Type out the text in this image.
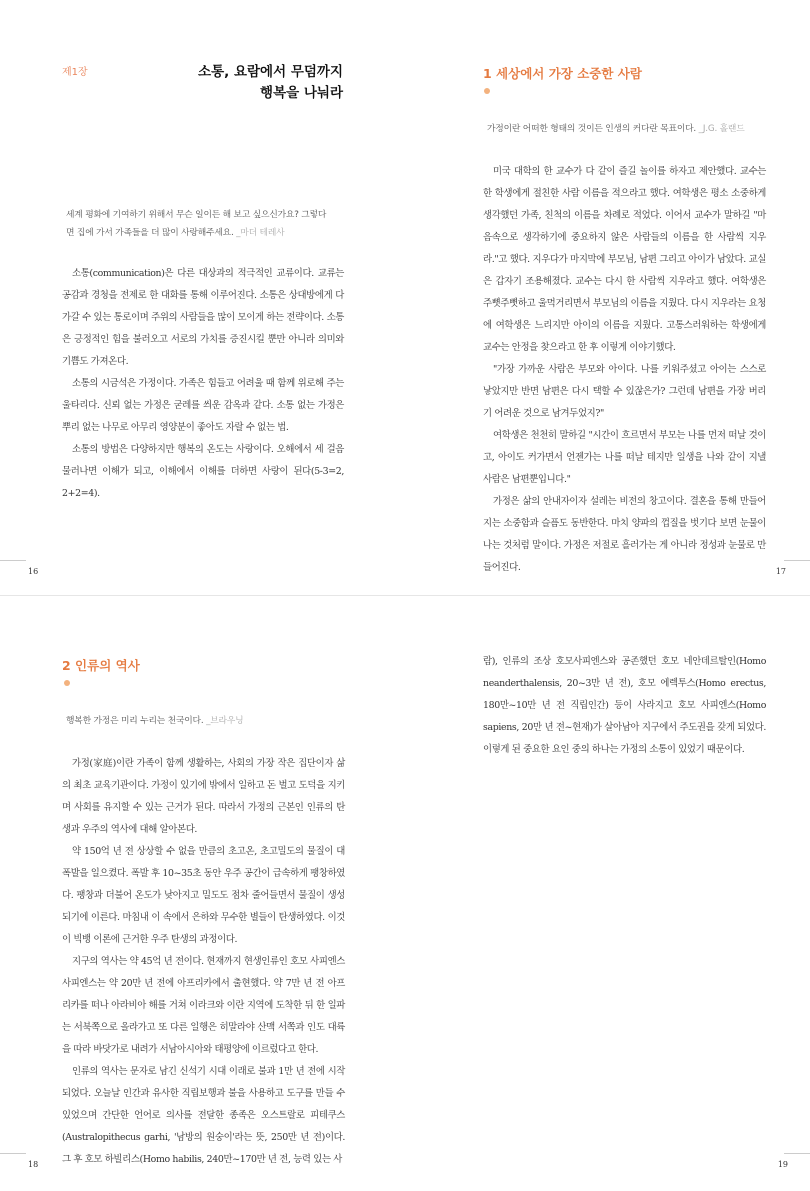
제1장	소통, 요람에서 무덤까지
행복을 나눠라
세계 평화에 기여하기 위해서 무슨 일이든 해 보고 싶으신가요? 그렇다
면 집에 가서 가족들을 더 많이 사랑해주세요. _마더 테레사

소통(communication)은 다른 대상과의 적극적인 교류이다. 교류는 공감과 경청을 전제로 한 대화를 통해 이루어진다. 소통은 상대방에게 다가갈 수 있는 통로이며 주위의 사람들을 많이 모이게 하는 전략이다. 소통은 긍정적인 힘을 불러오고 서로의 가치를 증진시킬 뿐만 아니라 의미와 기쁨도 가져온다.

소통의 시금석은 가정이다. 가족은 힘들고 어려울 때 함께 위로해 주는 울타리다. 신뢰 없는 가정은 굳레를 씌운 감옥과 같다. 소통 없는 가정은 뿌리 없는 나무로 아무리 영양분이 좋아도 자랄 수 없는 법.

소통의 방법은 다양하지만 행복의 온도는 사랑이다. 오해에서 세 걸음 물러나면 이해가 되고, 이해에서 이해를 더하면 사랑이 된다(5-3=2, 2+2=4).

16
1 세상에서 가장 소중한 사람
가정이란 어떠한 형태의 것이든 인생의 커다란 목표이다. _J.G. 홀랜드

미국 대학의 한 교수가 다 같이 즐길 놀이를 하자고 제안했다. 교수는 한 학생에게 절친한 사람 이름을 적으라고 했다. 여학생은 평소 소중하게 생각했던 가족, 친척의 이름을 차례로 적었다. 이어서 교수가 말하길 "마음속으로 생각하기에 중요하지 않은 사람들의 이름을 한 사람씩 지우라."고 했다. 지우다가 마지막에 부모님, 남편 그리고 아이가 남았다. 교실은 갑자기 조용해졌다. 교수는 다시 한 사람씩 지우라고 했다. 여학생은 주뼛주뼛하고 울먹거리면서 부모님의 이름을 지웠다. 다시 지우라는 요청에 여학생은 느리지만 아이의 이름을 지웠다. 고통스러워하는 학생에게 교수는 안정을 찾으라고 한 후 이렇게 이야기했다.

"가장 가까운 사람은 부모와 아이다. 나를 키워주셨고 아이는 스스로 낳았지만 반면 남편은 다시 택할 수 있잖은가? 그런데 남편을 가장 버리기 어려운 것으로 남겨두었지?"

여학생은 천천히 말하길 "시간이 흐르면서 부모는 나를 먼저 떠날 것이고, 아이도 커가면서 언젠가는 나를 떠날 테지만 일생을 나와 같이 지낼 사람은 남편뿐입니다."

가정은 삶의 안내자이자 설레는 비전의 창고이다. 결혼을 통해 만들어지는 소중함과 슬픔도 동반한다. 마치 양파의 껍질을 벗기다 보면 눈물이 나는 것처럼 말이다. 가정은 저절로 흘러가는 게 아니라 정성과 눈물로 만들어진다.	17
2 인류의 역사
행복한 가정은 미리 누리는 천국이다. _브라우닝

가정(家庭)이란 가족이 함께 생활하는, 사회의 가장 작은 집단이자 삶의 최초 교육기관이다. 가정이 있기에 밖에서 일하고 돈 벌고 도덕을 지키며 사회를 유지할 수 있는 근거가 된다. 따라서 가정의 근본인 인류의 탄생과 우주의 역사에 대해 알아본다.

약 150억 년 전 상상할 수 없을 만큼의 초고온, 초고밀도의 물질이 대폭발을 일으켰다. 폭발 후 10~35초 동안 우주 공간이 급속하게 팽창하였다. 팽창과 더불어 온도가 낮아지고 밀도도 점차 줄어들면서 물질이 생성되기에 이른다. 마침내 이 속에서 은하와 무수한 별들이 탄생하였다. 이것이 빅뱅 이론에 근거한 우주 탄생의 과정이다.

지구의 역사는 약 45억 년 전이다. 현재까지 현생인류인 호모 사피엔스 사피엔스는 약 20만 년 전에 아프리카에서 출현했다. 약 7만 년 전 아프리카를 떠나 아라비아 해를 거쳐 이라크와 이란 지역에 도착한 뒤 한 일파는 서북쪽으로 올라가고 또 다른 일행은 히말라야 산맥 서쪽과 인도 대륙을 따라 바닷가로 내려가 서남아시아와 태평양에 이르렀다고 한다.

인류의 역사는 문자로 남긴 신석기 시대 이래로 불과 1만 년 전에 시작되었다. 오늘날 인간과 유사한 직립보행과 불을 사용하고 도구를 만들 수 있었으며 간단한 언어로 의사를 전달한 종족은 오스트랄로 피테쿠스(Australopithecus garhi, '남방의 원숭이'라는 뜻, 250만 년 전)이다. 그 후 호모 하빌리스(Homo habilis, 240만~170만 년 전, 능력 있는 사

18

람), 인류의 조상 호모사피엔스와 공존했던 호모 네안데르탈인(Homo neanderthalensis, 20~3만 년 전), 호모 에렉투스(Homo erectus, 180만~10만 년 전 직립인간) 등이 사라지고 호모 사피엔스(Homo sapiens, 20만 년 전~현재)가 살아남아 지구에서 주도권을 갖게 되었다. 이렇게 된 중요한 요인 중의 하나는 가정의 소통이 있었기 때문이다.

19
